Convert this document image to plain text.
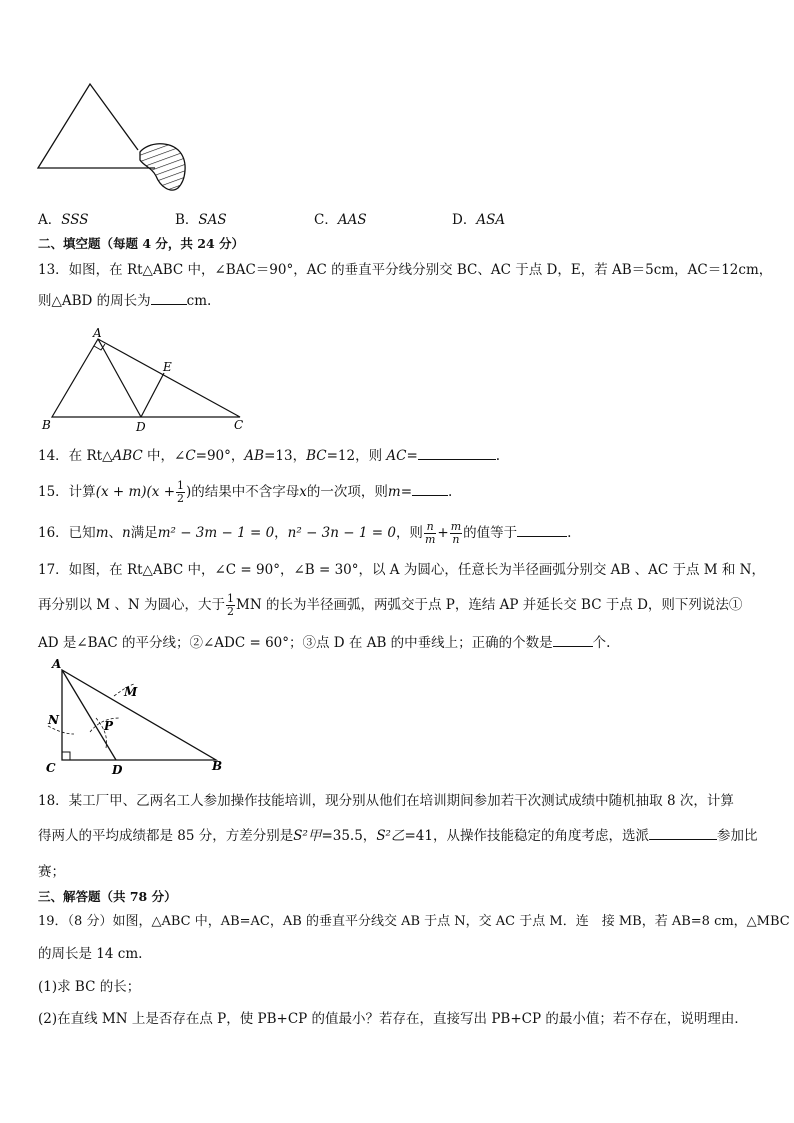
A．SSS	B．SAS	C．AAS	D．ASA
二、填空题（每题 4 分，共 24 分）
13．如图，在 Rt△ABC 中，∠BAC＝90°，AC 的垂直平分线分别交 BC、AC 于点 D，E，若 AB＝5cm，AC＝12cm，
则△ABD 的周长为	cm.
A
B	C
D
E
14．在 Rt△ABC 中，∠C=90°，AB=13，BC=12，则 AC=	.
15．计算$(x + m)(x + \frac{1}{2}$ )的结果中不含字母x的一次项，则m=	.
16．已知m、n满足m² − 3m − 1 = 0，n² − 3n − 1 = 0，则 $\frac{n}{m} + \frac{m}{n}$ 的值等于	.
17．如图，在 Rt△ABC 中，∠C = 90°，∠B = 30°，以 A 为圆心，任意长为半径画弧分别交 AB 、AC 于点 M 和 N，
再分别以 M 、N 为圆心，大于 $\frac{1}{2}$ MN 的长为半径画弧，两弧交于点 P，连结 AP 并延长交 BC 于点 D，则下列说法①
AD 是∠BAC 的平分线；②∠ADC = 60°；③点 D 在 AB 的中垂线上；正确的个数是	个.
A
C	D	B
M
N	P
18．某工厂甲、乙两名工人参加操作技能培训，现分别从他们在培训期间参加若干次测试成绩中随机抽取 8 次，计算
得两人的平均成绩都是 85 分，方差分别是S²甲=35.5，S²乙=41，从操作技能稳定的角度考虑，选派	参加比
赛；
三、解答题（共 78 分）
19．（8 分）如图，△ABC 中，AB=AC，AB 的垂直平分线交 AB 于点 N，交 AC 于点 M．连　接 MB，若 AB=8 cm，△MBC
的周长是 14 cm.
(1)求 BC 的长；
(2)在直线 MN 上是否存在点 P，使 PB+CP 的值最小？若存在，直接写出 PB+CP 的最小值；若不存在，说明理由．
